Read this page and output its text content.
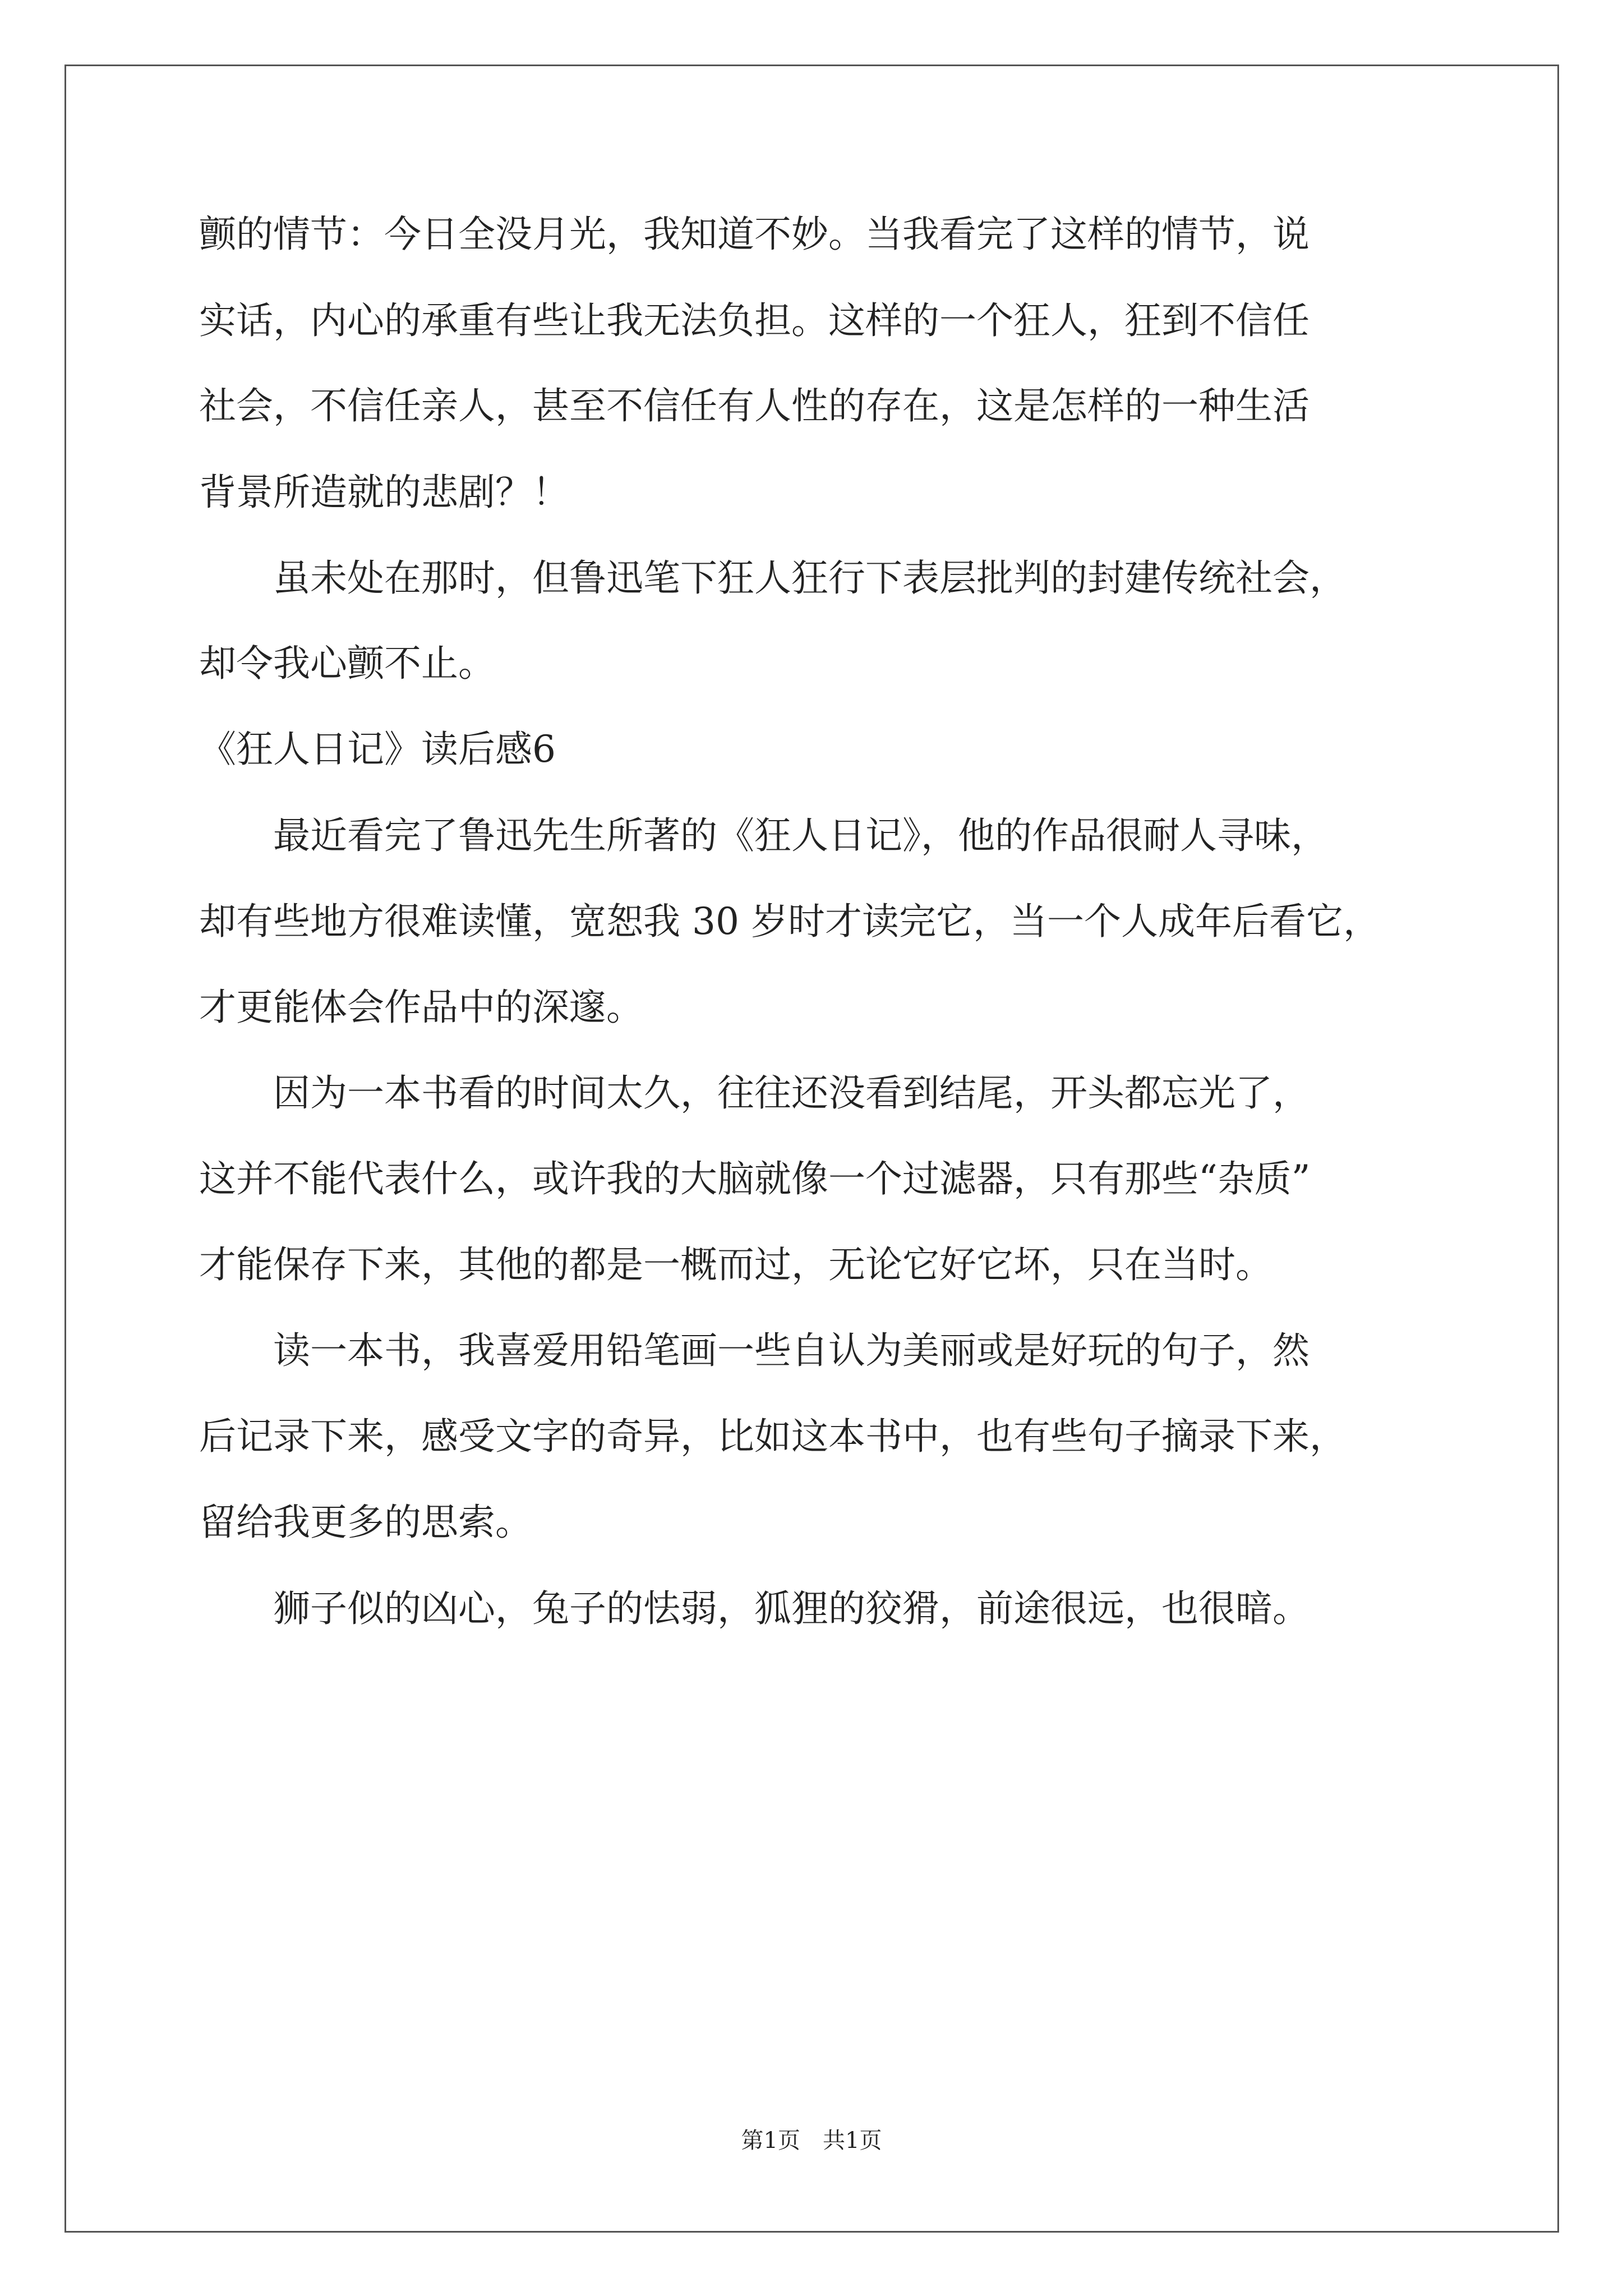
颤的情节：今日全没月光，我知道不妙。当我看完了这样的情节，说
实话，内心的承重有些让我无法负担。这样的一个狂人，狂到不信任
社会，不信任亲人，甚至不信任有人性的存在，这是怎样的一种生活
背景所造就的悲剧？！
　　虽未处在那时，但鲁迅笔下狂人狂行下表层批判的封建传统社会，
却令我心颤不止。
《狂人日记》读后感6
　　最近看完了鲁迅先生所著的《狂人日记》，他的作品很耐人寻味，
却有些地方很难读懂，宽恕我 30 岁时才读完它，当一个人成年后看它，
才更能体会作品中的深邃。
　　因为一本书看的时间太久，往往还没看到结尾，开头都忘光了，
这并不能代表什么，或许我的大脑就像一个过滤器，只有那些“杂质”
才能保存下来，其他的都是一概而过，无论它好它坏，只在当时。
　　读一本书，我喜爱用铅笔画一些自认为美丽或是好玩的句子，然
后记录下来，感受文字的奇异，比如这本书中，也有些句子摘录下来，
留给我更多的思索。
　　狮子似的凶心，兔子的怯弱，狐狸的狡猾，前途很远，也很暗。
第1页　共1页
